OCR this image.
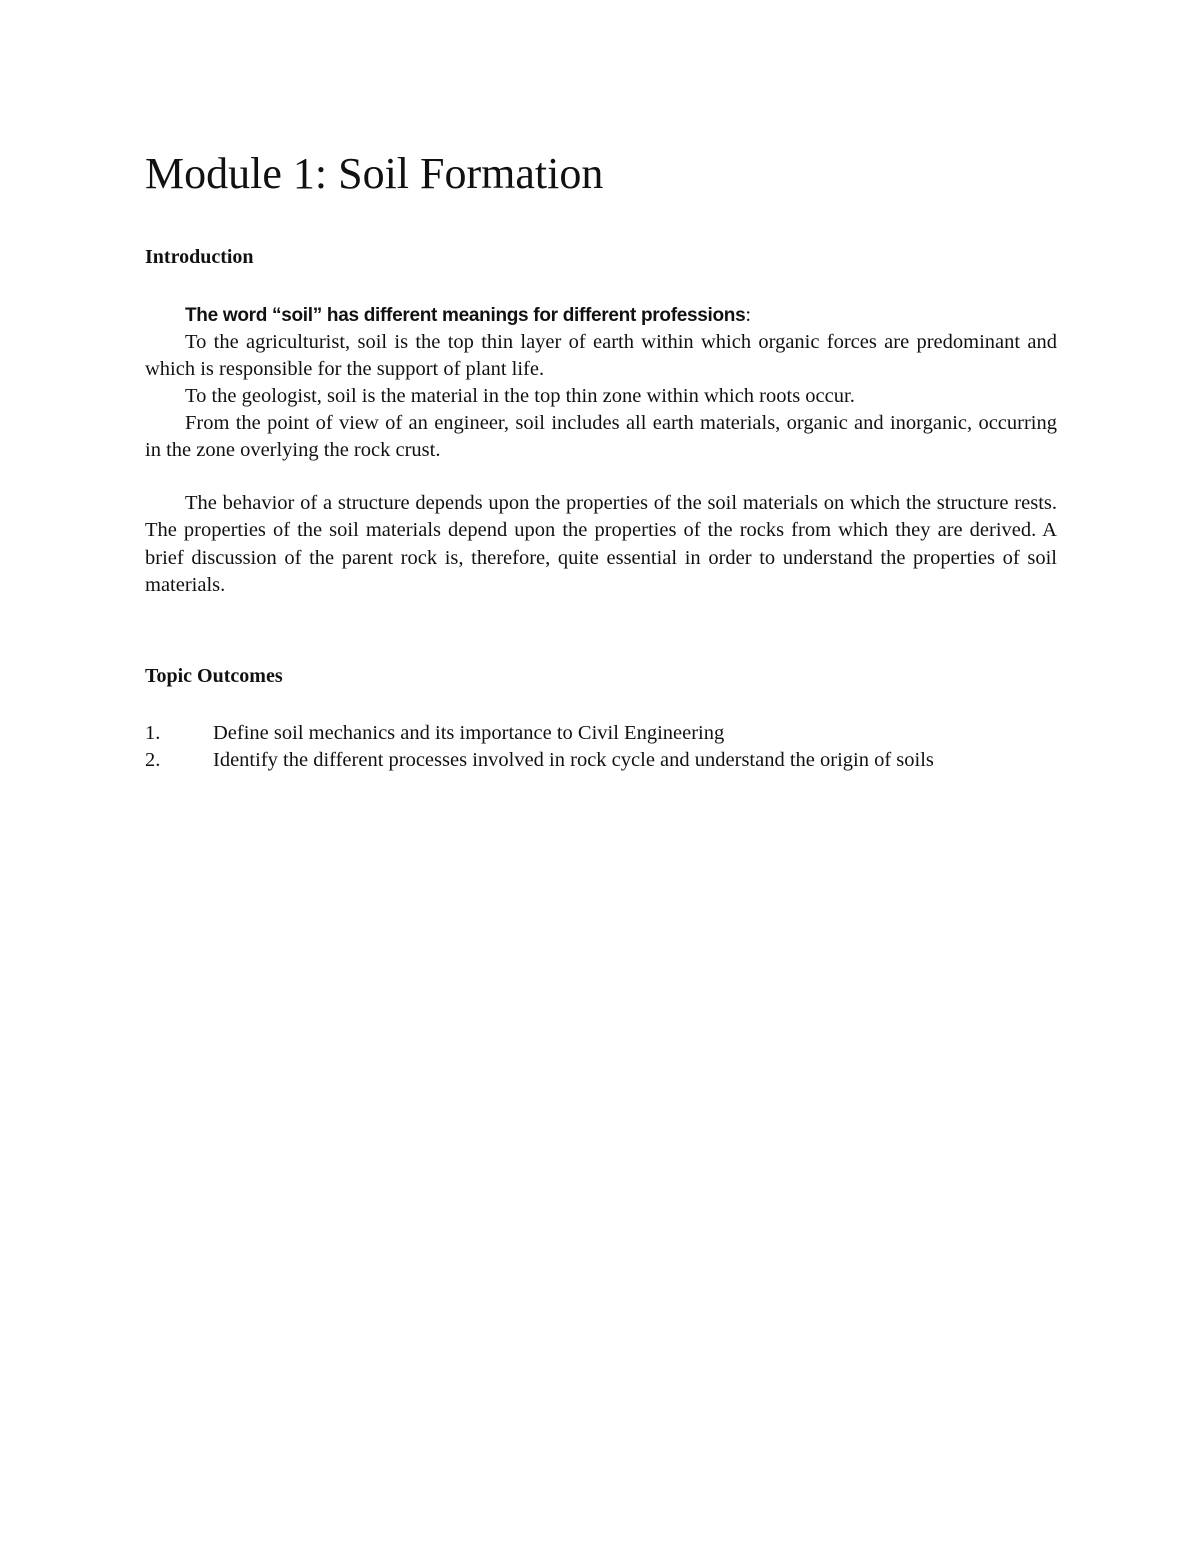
Module 1: Soil Formation
Introduction

The word “soil” has different meanings for different professions:

To the agriculturist, soil is the top thin layer of earth within which organic forces are predominant and which is responsible for the support of plant life.

To the geologist, soil is the material in the top thin zone within which roots occur.

From the point of view of an engineer, soil includes all earth materials, organic and inorganic, occurring in the zone overlying the rock crust.

The behavior of a structure depends upon the properties of the soil materials on which the structure rests. The properties of the soil materials depend upon the properties of the rocks from which they are derived. A brief discussion of the parent rock is, therefore, quite essential in order to understand the properties of soil materials.

Topic Outcomes
1.	Define soil mechanics and its importance to Civil Engineering
2.	Identify the different processes involved in rock cycle and understand the origin of soils
